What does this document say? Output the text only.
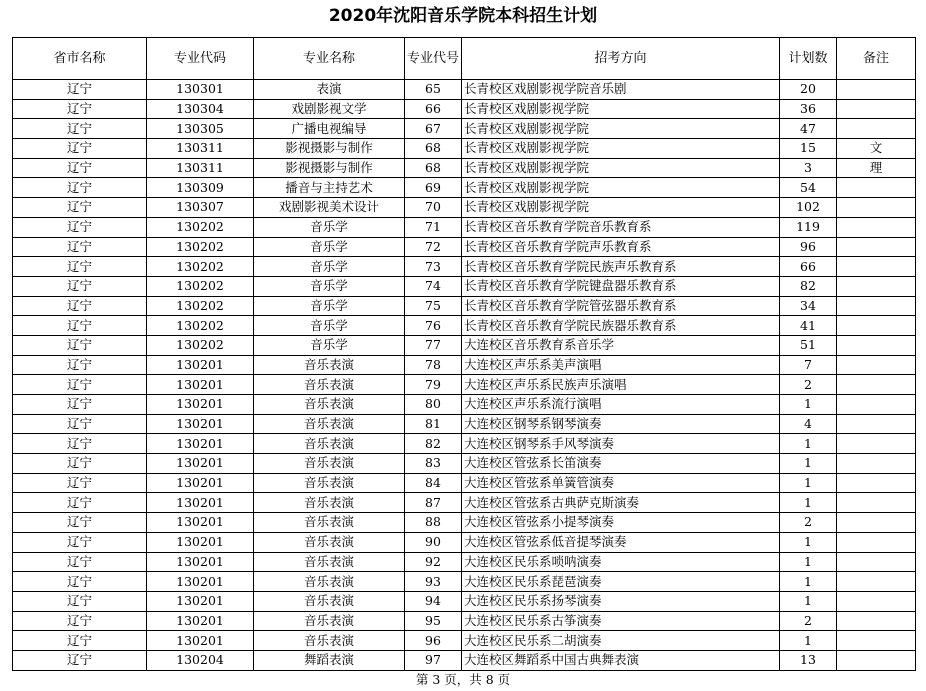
2020年沈阳音乐学院本科招生计划
省市名称	专业代码	专业名称	专业代号	招考方向	计划数	备注
辽宁	130301	表演	65	长青校区戏剧影视学院音乐剧	20	
辽宁	130304	戏剧影视文学	66	长青校区戏剧影视学院	36	
辽宁	130305	广播电视编导	67	长青校区戏剧影视学院	47	
辽宁	130311	影视摄影与制作	68	长青校区戏剧影视学院	15	文
辽宁	130311	影视摄影与制作	68	长青校区戏剧影视学院	3	理
辽宁	130309	播音与主持艺术	69	长青校区戏剧影视学院	54	
辽宁	130307	戏剧影视美术设计	70	长青校区戏剧影视学院	102	
辽宁	130202	音乐学	71	长青校区音乐教育学院音乐教育系	119	
辽宁	130202	音乐学	72	长青校区音乐教育学院声乐教育系	96	
辽宁	130202	音乐学	73	长青校区音乐教育学院民族声乐教育系	66	
辽宁	130202	音乐学	74	长青校区音乐教育学院键盘器乐教育系	82	
辽宁	130202	音乐学	75	长青校区音乐教育学院管弦器乐教育系	34	
辽宁	130202	音乐学	76	长青校区音乐教育学院民族器乐教育系	41	
辽宁	130202	音乐学	77	大连校区音乐教育系音乐学	51	
辽宁	130201	音乐表演	78	大连校区声乐系美声演唱	7	
辽宁	130201	音乐表演	79	大连校区声乐系民族声乐演唱	2	
辽宁	130201	音乐表演	80	大连校区声乐系流行演唱	1	
辽宁	130201	音乐表演	81	大连校区钢琴系钢琴演奏	4	
辽宁	130201	音乐表演	82	大连校区钢琴系手风琴演奏	1	
辽宁	130201	音乐表演	83	大连校区管弦系长笛演奏	1	
辽宁	130201	音乐表演	84	大连校区管弦系单簧管演奏	1	
辽宁	130201	音乐表演	87	大连校区管弦系古典萨克斯演奏	1	
辽宁	130201	音乐表演	88	大连校区管弦系小提琴演奏	2	
辽宁	130201	音乐表演	90	大连校区管弦系低音提琴演奏	1	
辽宁	130201	音乐表演	92	大连校区民乐系唢呐演奏	1	
辽宁	130201	音乐表演	93	大连校区民乐系琵琶演奏	1	
辽宁	130201	音乐表演	94	大连校区民乐系扬琴演奏	1	
辽宁	130201	音乐表演	95	大连校区民乐系古筝演奏	2	
辽宁	130201	音乐表演	96	大连校区民乐系二胡演奏	1	
辽宁	130204	舞蹈表演	97	大连校区舞蹈系中国古典舞表演	13	
第 3 页，共 8 页
